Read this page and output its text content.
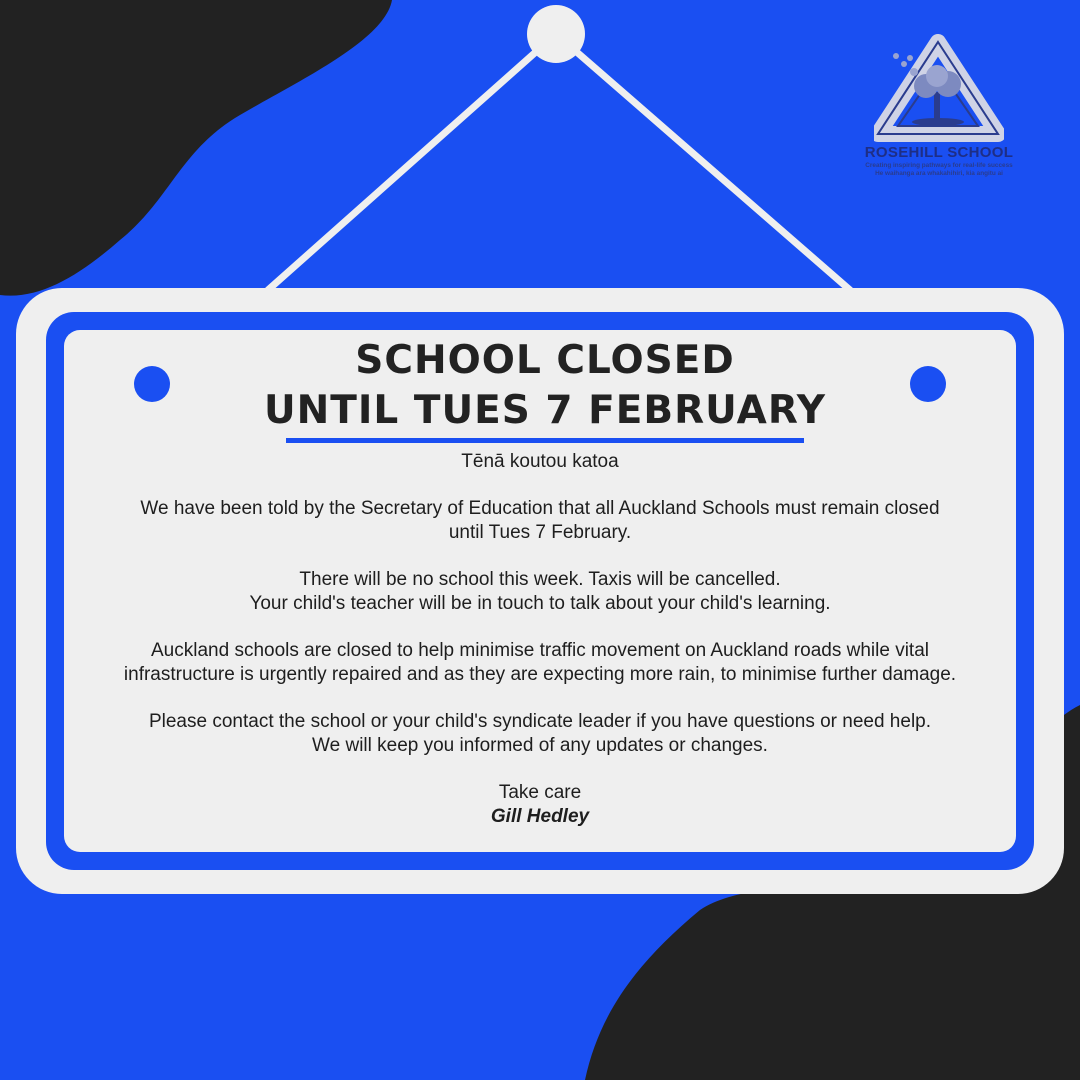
ROSEHILL SCHOOL
Creating inspiring pathways for real-life success
He waihanga ara whakahihiri, kia angitu ai
SCHOOL CLOSED
UNTIL TUES 7 FEBRUARY

Tēnā koutou katoa

We have been told by the Secretary of Education that all Auckland Schools must remain closed
until Tues 7 February.

There will be no school this week. Taxis will be cancelled.
Your child's teacher will be in touch to talk about your child's learning.

Auckland schools are closed to help minimise traffic movement on Auckland roads while vital
infrastructure is urgently repaired and as they are expecting more rain, to minimise further damage.

Please contact the school or your child's syndicate leader if you have questions or need help.
We will keep you informed of any updates or changes.

Take care
Gill Hedley
